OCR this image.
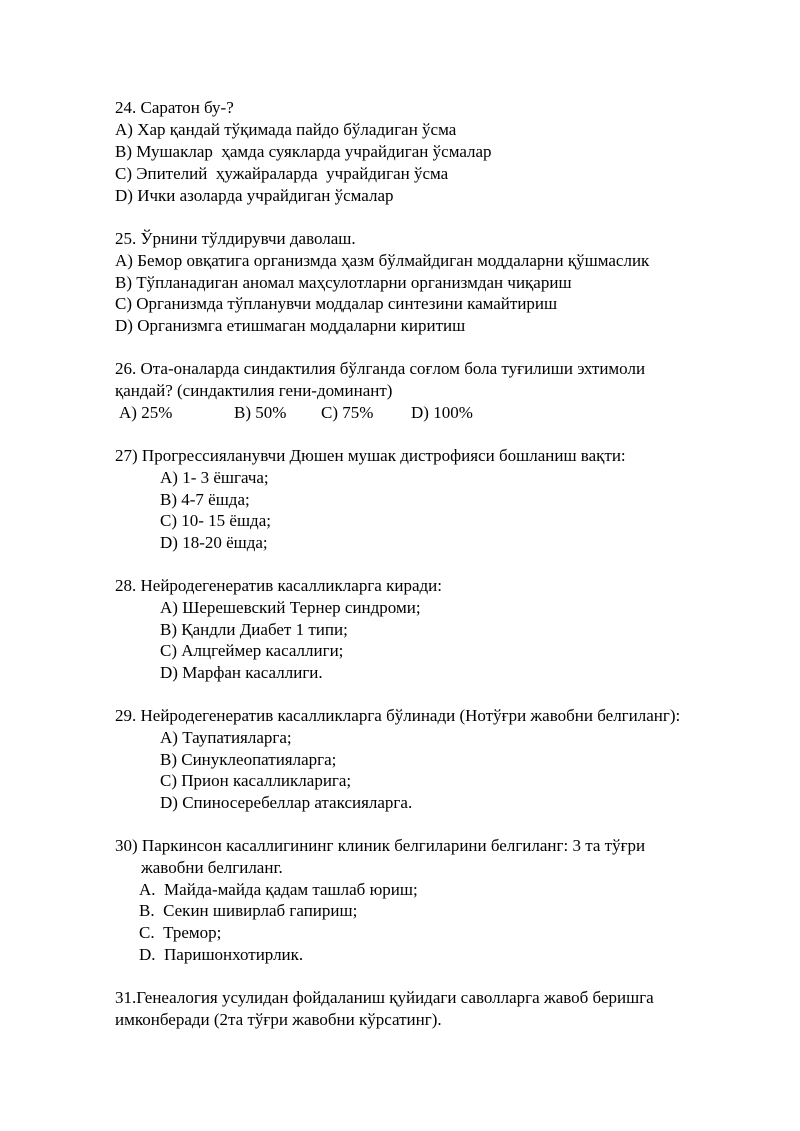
24. Саратон бу-?
A) Хар қандай тўқимада пайдо бўладиган ўсма
B) Мушаклар  ҳамда суякларда учрайдиган ўсмалар
C) Эпителий  ҳужайраларда  учрайдиган ўсма
D) Ички азоларда учрайдиган ўсмалар
25. Ўрнини тўлдирувчи даволаш.
A) Бемор овқатига организмда ҳазм бўлмайдиган моддаларни қўшмаслик
B) Тўпланадиган аномал маҳсулотларни организмдан чиқариш
C) Организмда тўпланувчи моддалар синтезини камайтириш
D) Организмга етишмаган моддаларни киритиш
26. Ота-оналарда синдактилия бўлганда соғлом бола туғилиши эхтимоли
қандай? (синдактилия гени-доминант)
A) 25%	B) 50% C) 75% D) 100%
27) Прогрессияланувчи Дюшен мушак дистрофияси бошланиш вақти:
A) 1- 3 ёшгача;
B) 4-7 ёшда;
C) 10- 15 ёшда;
D) 18-20 ёшда;
28. Нейродегенератив касалликларга киради:
A) Шерешевский Тернер синдроми;
B) Қандли Диабет 1 типи;
C) Алцгеймер касаллиги;
D) Марфан касаллиги.
29. Нейродегенератив касалликларга бўлинади (Нотўғри жавобни белгиланг):
A) Таупатияларга;
B) Синуклеопатияларга;
C) Прион касалликларига;
D) Спиносеребеллар атаксияларга.
30) Паркинсон касаллигининг клиник белгиларини белгиланг: 3 та тўғри
жавобни белгиланг.
A.  Майда-майда қадам ташлаб юриш;
B.  Секин шивирлаб гапириш;
C.  Тремор;
D.  Паришонхотирлик.
31.Генеалогия усулидан фойдаланиш қуйидаги саволларга жавоб беришга
имконберади (2та тўғри жавобни кўрсатинг).
